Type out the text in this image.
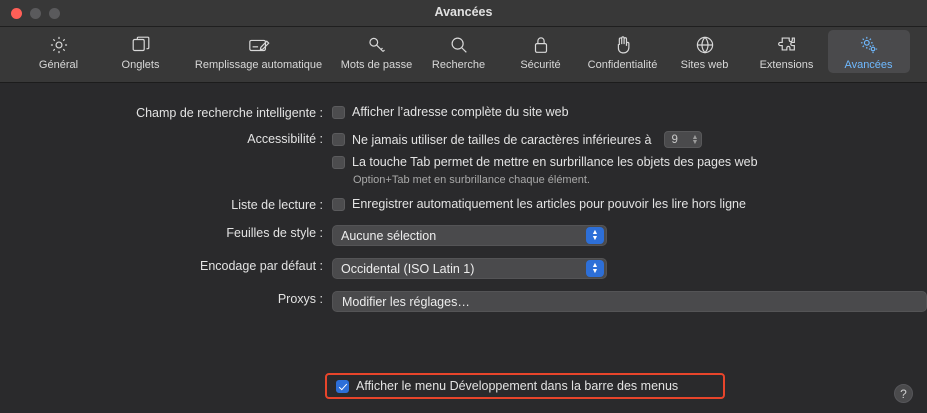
Avancées
Général	Onglets	Remplissage automatique Mots de passe Recherche	Sécurité Confidentialité Sites web	Extensions	Avancées
Champ de recherche intelligente :	Afficher l’adresse complète du site web
Accessibilité :	Ne jamais utiliser de tailles de caractères inférieures à 9 ▲
▼
La touche Tab permet de mettre en surbrillance les objets des pages web
Option+Tab met en surbrillance chaque élément.
Liste de lecture :	Enregistrer automatiquement les articles pour pouvoir les lire hors ligne
Feuilles de style :	Aucune sélection	▲
▼
Encodage par défaut :	Occidental (ISO Latin 1)	▲
▼
Proxys :	Modifier les réglages…
Afficher le menu Développement dans la barre des menus
?
